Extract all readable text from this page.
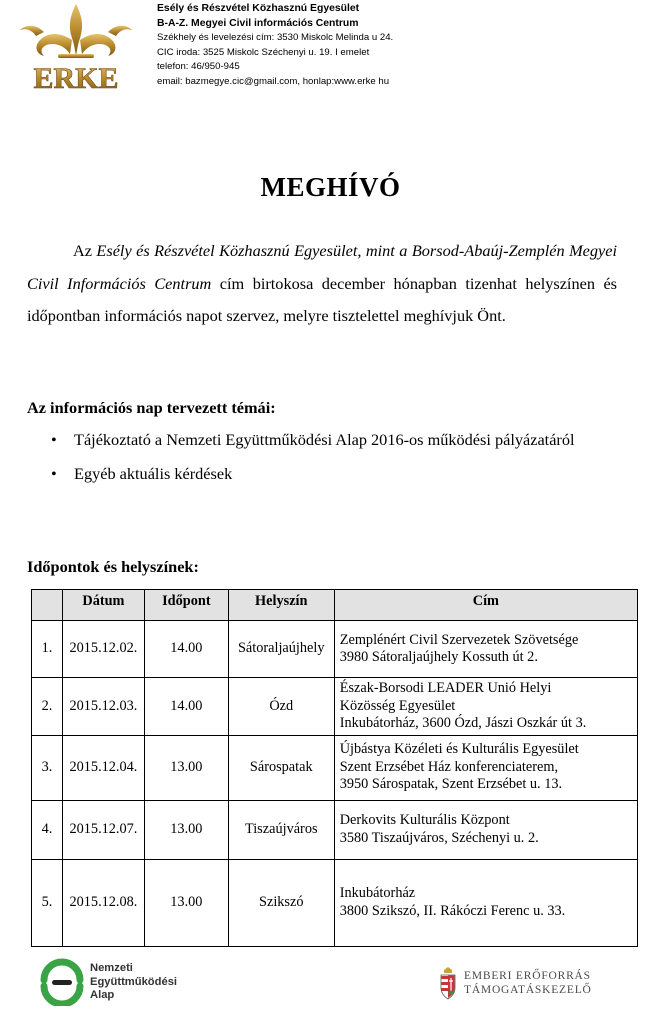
ERKE
Esély és Részvétel Közhasznú Egyesület
B-A-Z. Megyei Civil információs Centrum
Székhely és levelezési cím: 3530 Miskolc Melinda u 24.
CIC iroda: 3525 Miskolc Széchenyi u. 19. I emelet
telefon: 46/950-945
email: bazmegye.cic@gmail.com, honlap:www.erke hu
MEGHÍVÓ

Az Esély és Részvétel Közhasznú Egyesület, mint a Borsod-Abaúj-Zemplén Megyei Civil Információs Centrum cím birtokosa december hónapban tizenhat helyszínen és időpontban információs napot szervez, melyre tisztelettel meghívjuk Önt.

Az információs nap tervezett témái:
• Tájékoztató a Nemzeti Együttműködési Alap 2016-os működési pályázatáról
• Egyéb aktuális kérdések
Időpontok és helyszínek:
	Dátum	Időpont	Helyszín	Cím
1.	2015.12.02.	14.00	Sátoraljaújhely	Zemplénért Civil Szervezetek Szövetsége
3980 Sátoraljaújhely Kossuth út 2.

2.	2015.12.03.	14.00	Ózd	Észak-Borsodi LEADER Unió Helyi
Közösség Egyesület
Inkubátorház, 3600 Ózd, Jászi Oszkár út 3.

3.	2015.12.04.	13.00	Sárospatak	Újbástya Közéleti és Kulturális Egyesület
Szent Erzsébet Ház konferenciaterem,
3950 Sárospatak, Szent Erzsébet u. 13.

4.	2015.12.07.	13.00	Tiszaújváros	Derkovits Kulturális Központ
3580 Tiszaújváros, Széchenyi u. 2.

5.	2015.12.08.	13.00	Szikszó	Inkubátorház
3800 Szikszó, II. Rákóczi Ferenc u. 33.
Nemzeti
Együttműködési
Alap
EMBERI ERŐFORRÁS
TÁMOGATÁSKEZELŐ
